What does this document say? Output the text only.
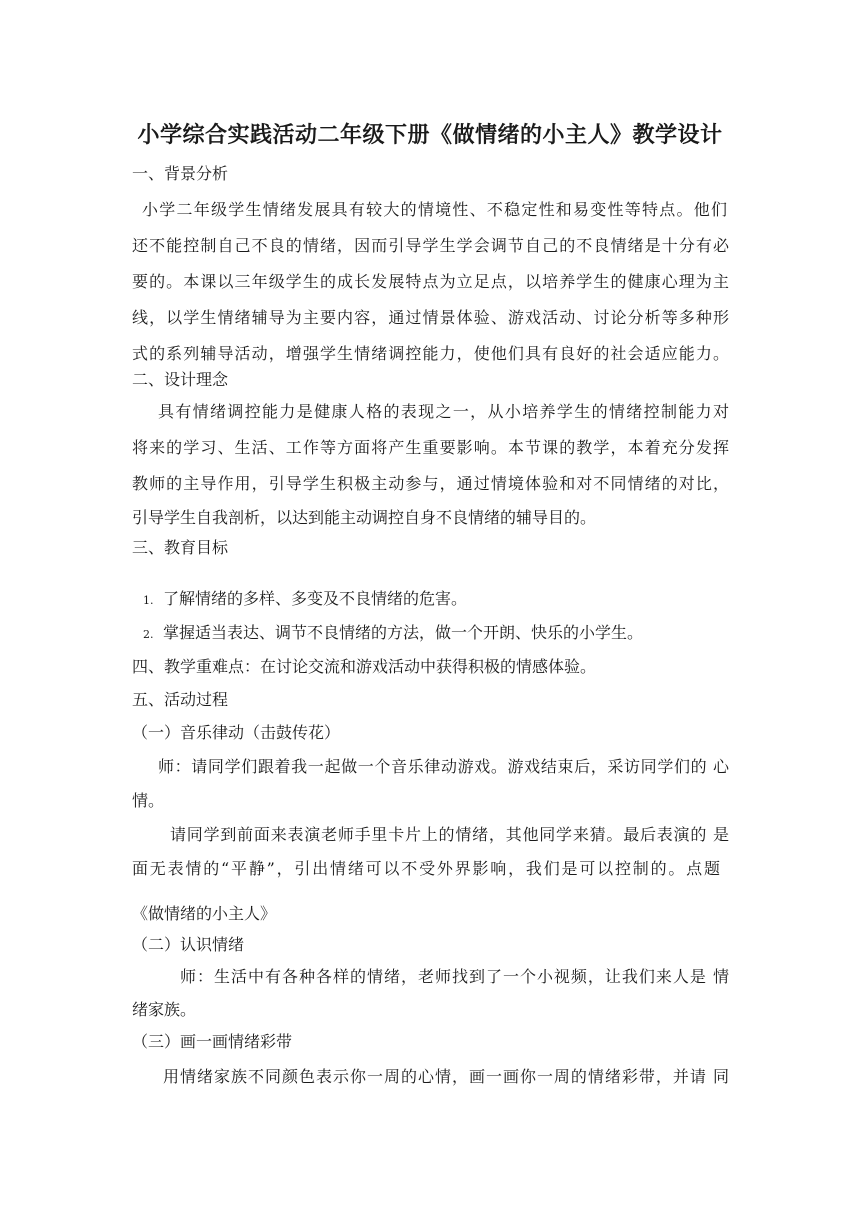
小学综合实践活动二年级下册《做情绪的小主人》教学设计
一、背景分析
小学二年级学生情绪发展具有较大的情境性、不稳定性和易变性等特点。他们
还不能控制自己不良的情绪，因而引导学生学会调节自己的不良情绪是十分有必
要的。本课以三年级学生的成长发展特点为立足点，以培养学生的健康心理为主
线，以学生情绪辅导为主要内容，通过情景体验、游戏活动、讨论分析等多种形
式的系列辅导活动，增强学生情绪调控能力，使他们具有良好的社会适应能力。
二、设计理念
具有情绪调控能力是健康人格的表现之一，从小培养学生的情绪控制能力对
将来的学习、生活、工作等方面将产生重要影响。本节课的教学，本着充分发挥
教师的主导作用，引导学生积极主动参与，通过情境体验和对不同情绪的对比，
引导学生自我剖析，以达到能主动调控自身不良情绪的辅导目的。
三、教育目标
1. 了解情绪的多样、多变及不良情绪的危害。
2. 掌握适当表达、调节不良情绪的方法，做一个开朗、快乐的小学生。
四、教学重难点：在讨论交流和游戏活动中获得积极的情感体验。
五、活动过程
（一）音乐律动（击鼓传花）
师：请同学们跟着我一起做一个音乐律动游戏。游戏结束后，采访同学们的 心
情。
请同学到前面来表演老师手里卡片上的情绪，其他同学来猜。最后表演的 是
面无表情的“平静”，引出情绪可以不受外界影响，我们是可以控制的。点题
《做情绪的小主人》
（二）认识情绪
师：生活中有各种各样的情绪，老师找到了一个小视频，让我们来人是 情
绪家族。
（三）画一画情绪彩带
用情绪家族不同颜色表示你一周的心情，画一画你一周的情绪彩带，并请 同
